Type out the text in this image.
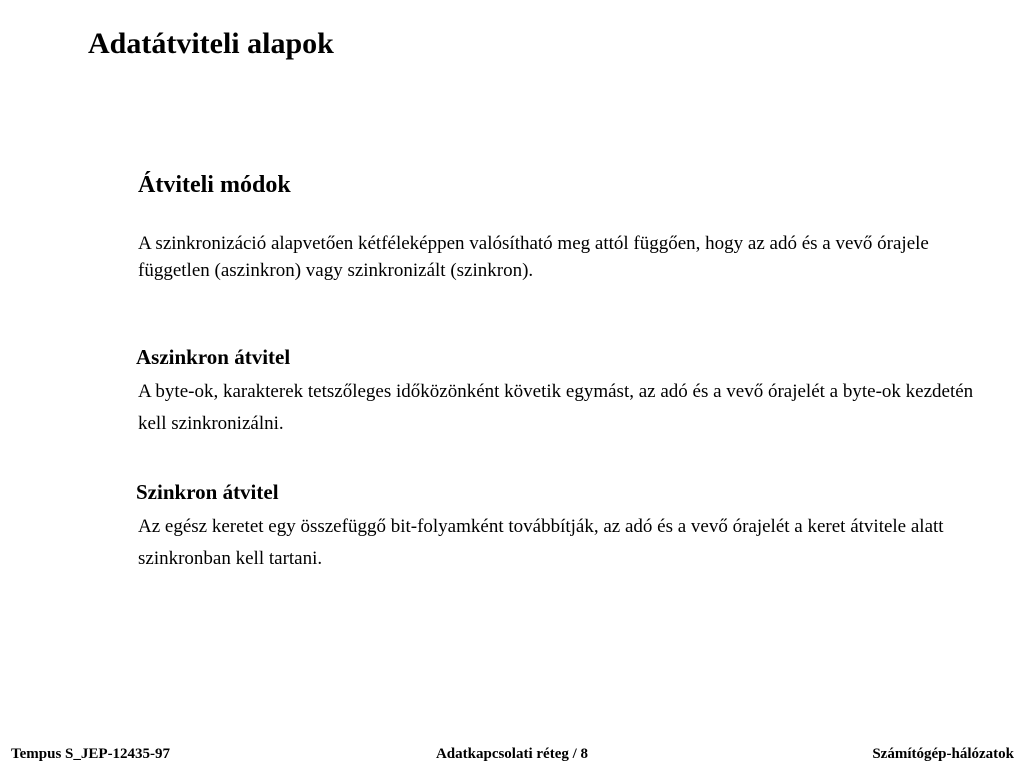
Adatátviteli alapok
Átviteli módok

A szinkronizáció alapvetően kétféleképpen valósítható meg attól függően, hogy az adó és a vevő órajele független (aszinkron) vagy szinkronizált (szinkron).

Aszinkron átvitel

A byte-ok, karakterek tetszőleges időközönként követik egymást, az adó és a vevő órajelét a byte-ok kezdetén kell szinkronizálni.

Szinkron átvitel

Az egész keretet egy összefüggő bit-folyamként továbbítják, az adó és a vevő órajelét a keret átvitele alatt szinkronban kell tartani.

Tempus S_JEP-12435-97	Adatkapcsolati réteg / 8	Számítógép-hálózatok
